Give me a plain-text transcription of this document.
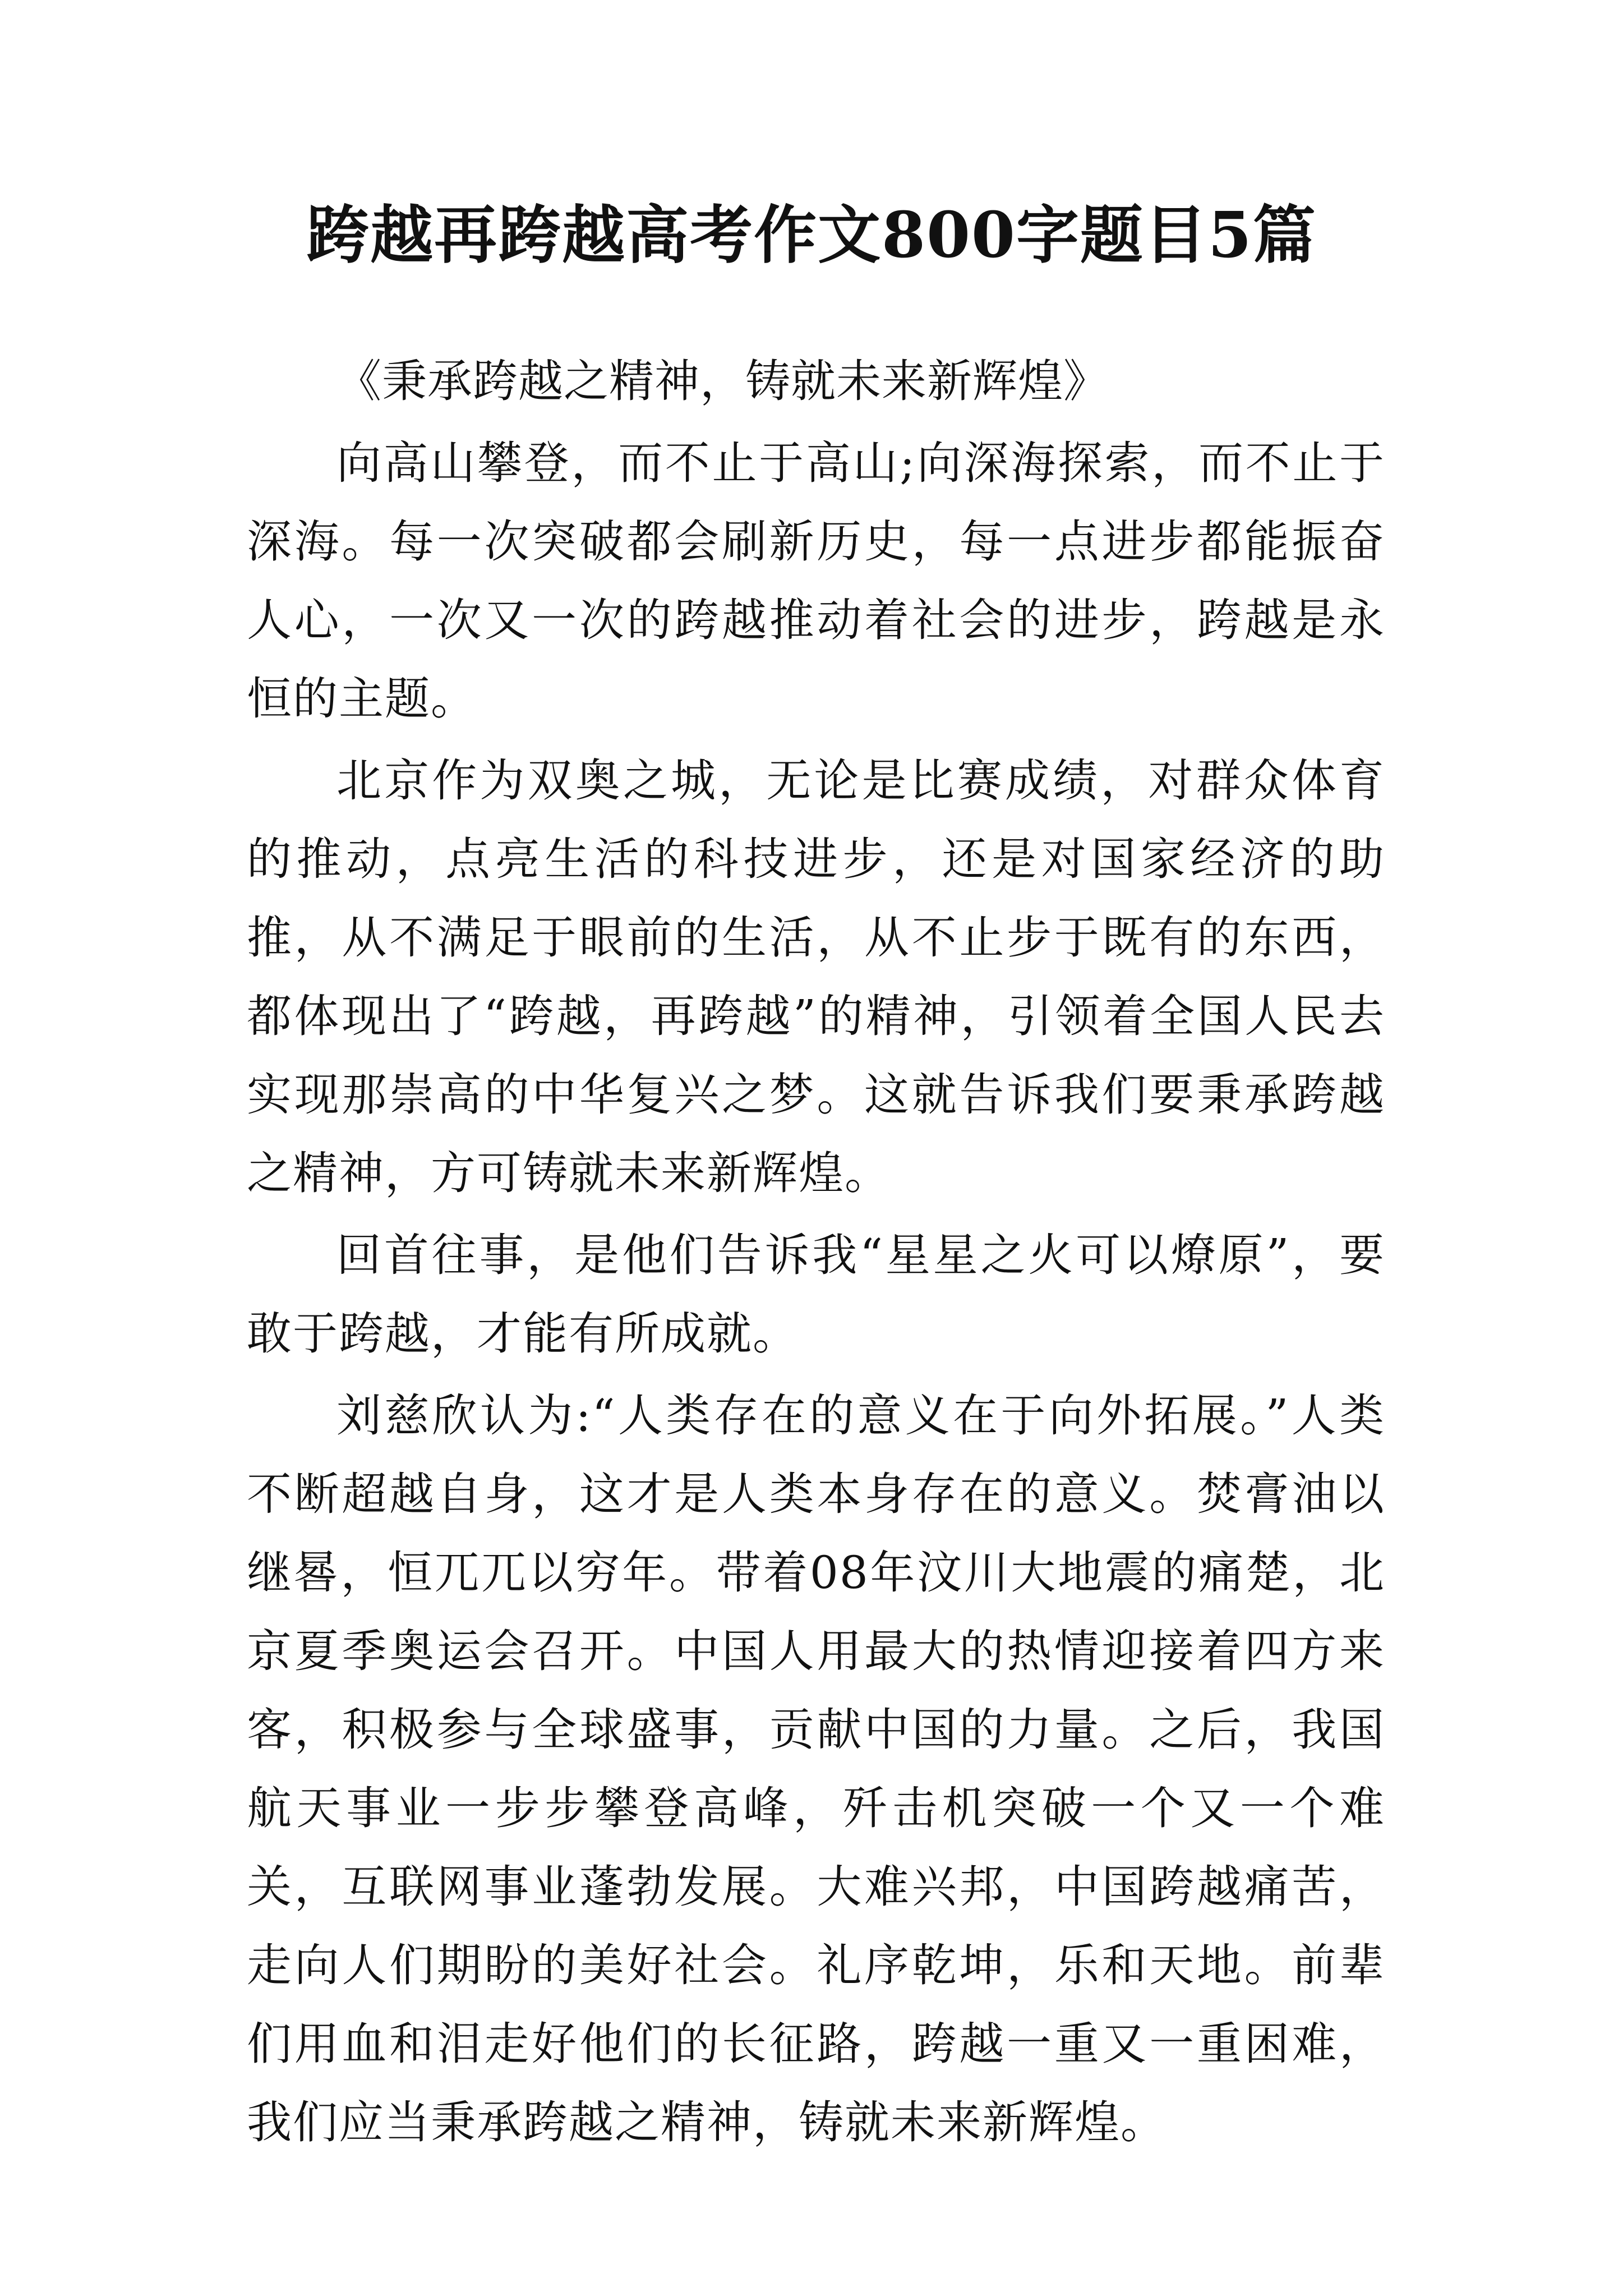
跨越再跨越高考作文800字题目5篇

《秉承跨越之精神，铸就未来新辉煌》

向高山攀登，而不止于高山;向深海探索，而不止于深海。每一次突破都会刷新历史，每一点进步都能振奋人心，一次又一次的跨越推动着社会的进步，跨越是永恒的主题。

北京作为双奥之城，无论是比赛成绩，对群众体育的推动，点亮生活的科技进步，还是对国家经济的助推，从不满足于眼前的生活，从不止步于既有的东西，都体现出了“跨越，再跨越”的精神，引领着全国人民去实现那崇高的中华复兴之梦。这就告诉我们要秉承跨越之精神，方可铸就未来新辉煌。

回首往事，是他们告诉我“星星之火可以燎原”，要敢于跨越，才能有所成就。

刘慈欣认为:“人类存在的意义在于向外拓展。”人类不断超越自身，这才是人类本身存在的意义。焚膏油以继晷，恒兀兀以穷年。带着08年汶川大地震的痛楚，北京夏季奥运会召开。中国人用最大的热情迎接着四方来客，积极参与全球盛事，贡献中国的力量。之后，我国航天事业一步步攀登高峰，歼击机突破一个又一个难关，互联网事业蓬勃发展。大难兴邦，中国跨越痛苦，走向人们期盼的美好社会。礼序乾坤，乐和天地。前辈们用血和泪走好他们的长征路，跨越一重又一重困难，我们应当秉承跨越之精神，铸就未来新辉煌。
